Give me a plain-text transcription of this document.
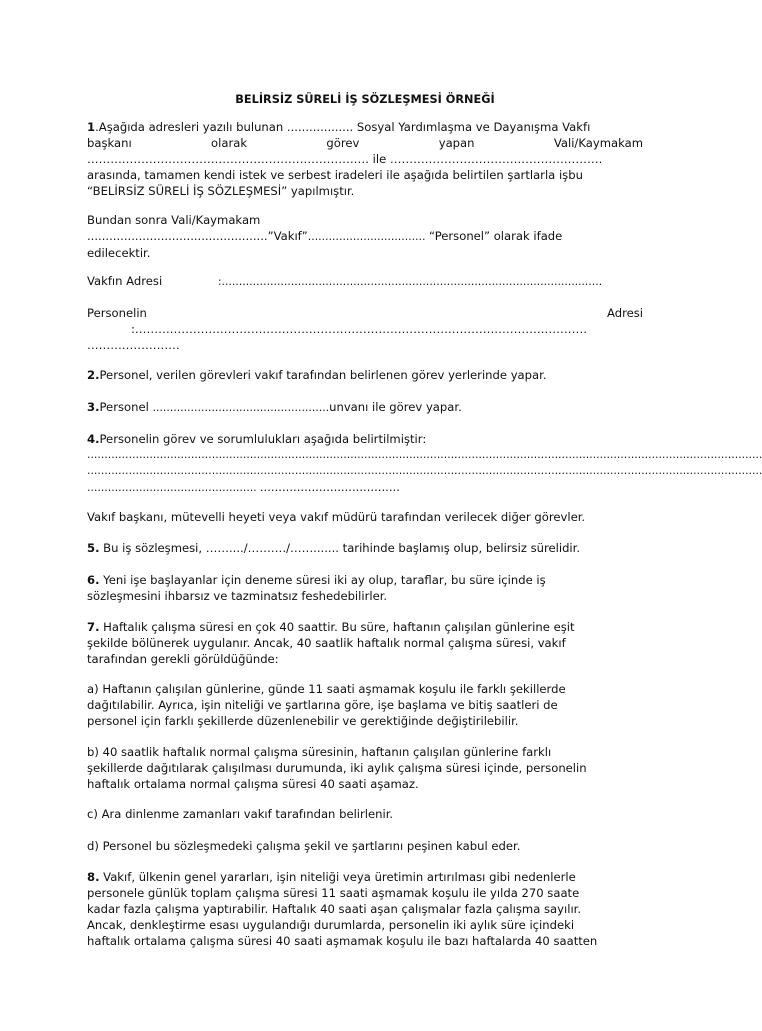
BELİRSİZ SÜRELİ İŞ SÖZLEŞMESİ ÖRNEĞİ
1.Aşağıda adresleri yazılı bulunan .................. Sosyal Yardımlaşma ve Dayanışma Vakfı
başkanı	olarak	görev	yapan	Vali/Kaymakam
………………………………………………………………. ile ……………………………………………….
arasında, tamamen kendi istek ve serbest iradeleri ile aşağıda belirtilen şartlarla işbu
“BELİRSİZ SÜRELİ İŞ SÖZLEŞMESİ” yapılmıştır.
Bundan sonra Vali/Kaymakam
.................................................”Vakıf”……………………………. “Personel” olarak ifade
edilecektir.
Vakfın Adresi	:…………………………………………………………………………………………..……
Personelin	Adresi
:………………………………………………………………………………………………………
……………………
2.Personel, verilen görevleri vakıf tarafından belirlenen görev yerlerinde yapar.
3.Personel ……………………………………………unvanı ile görev yapar.
4.Personelin görev ve sorumlulukları aşağıda belirtilmiştir:
……………………………………………………………………………………………………………………………………………………………………………
……………………………………………………………………………………………………………………………………………………………………………
…………………………………………. ......................................
Vakıf başkanı, mütevelli heyeti veya vakıf müdürü tarafından verilecek diğer görevler.
5. Bu iş sözleşmesi, ……..../………./……....... tarihinde başlamış olup, belirsiz sürelidir.
6. Yeni işe başlayanlar için deneme süresi iki ay olup, taraflar, bu süre içinde iş
sözleşmesini ihbarsız ve tazminatsız feshedebilirler.
7. Haftalık çalışma süresi en çok 40 saattir. Bu süre, haftanın çalışılan günlerine eşit
şekilde bölünerek uygulanır. Ancak, 40 saatlik haftalık normal çalışma süresi, vakıf
tarafından gerekli görüldüğünde:
a) Haftanın çalışılan günlerine, günde 11 saati aşmamak koşulu ile farklı şekillerde
dağıtılabilir. Ayrıca, işin niteliği ve şartlarına göre, işe başlama ve bitiş saatleri de
personel için farklı şekillerde düzenlenebilir ve gerektiğinde değiştirilebilir.
b) 40 saatlik haftalık normal çalışma süresinin, haftanın çalışılan günlerine farklı
şekillerde dağıtılarak çalışılması durumunda, iki aylık çalışma süresi içinde, personelin
haftalık ortalama normal çalışma süresi 40 saati aşamaz.
c) Ara dinlenme zamanları vakıf tarafından belirlenir.
d) Personel bu sözleşmedeki çalışma şekil ve şartlarını peşinen kabul eder.
8. Vakıf, ülkenin genel yararları, işin niteliği veya üretimin artırılması gibi nedenlerle
personele günlük toplam çalışma süresi 11 saati aşmamak koşulu ile yılda 270 saate
kadar fazla çalışma yaptırabilir. Haftalık 40 saati aşan çalışmalar fazla çalışma sayılır.
Ancak, denkleştirme esası uygulandığı durumlarda, personelin iki aylık süre içindeki
haftalık ortalama çalışma süresi 40 saati aşmamak koşulu ile bazı haftalarda 40 saatten
